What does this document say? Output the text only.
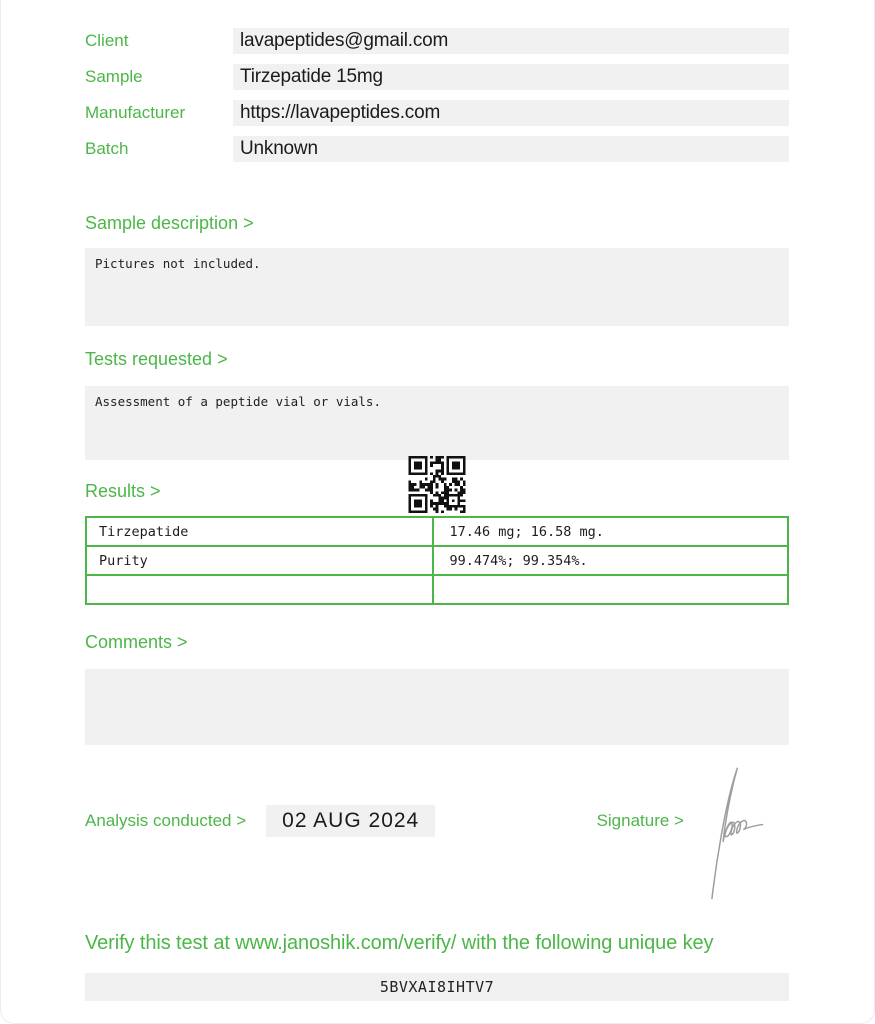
Client	lavapeptides@gmail.com
Sample	Tirzepatide 15mg
Manufacturer	https://lavapeptides.com
Batch	Unknown
Sample description >
Pictures not included.
Tests requested >
Assessment of a peptide vial or vials.
Results >
Tirzepatide	17.46 mg; 16.58 mg.
Purity	99.474%; 99.354%.

Comments >
Analysis conducted >	02 AUG 2024	Signature >
Verify this test at www.janoshik.com/verify/ with the following unique key
5BVXAI8IHTV7
